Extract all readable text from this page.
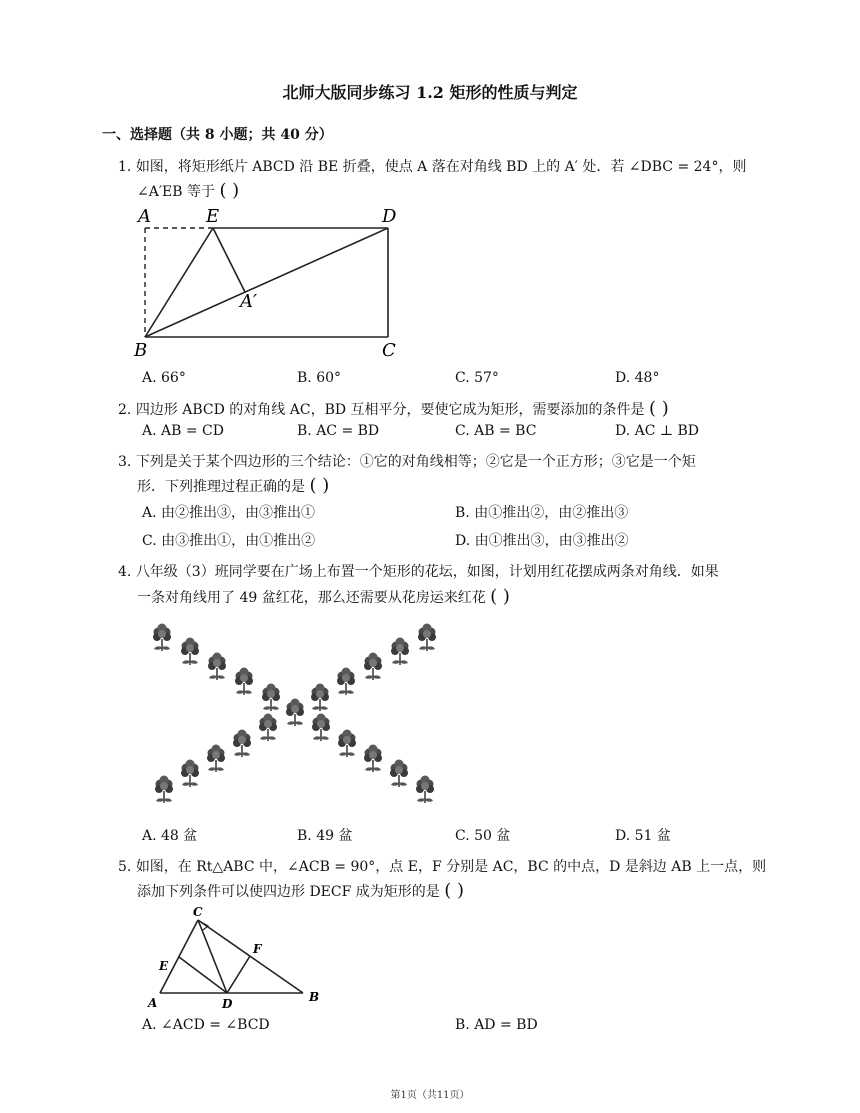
北师大版同步练习 1.2 矩形的性质与判定
一、选择题（共 8 小题；共 40 分）
1. 如图，将矩形纸片 ABCD 沿 BE 折叠，使点 A 落在对角线 BD 上的 A′ 处．若 ∠DBC = 24°，则
∠A′EB 等于 ( )
A	E	D
B	C
A′
A. 66°	B. 60°	C. 57°	D. 48°
2. 四边形 ABCD 的对角线 AC，BD 互相平分，要使它成为矩形，需要添加的条件是 ( )
A. AB = CD	B. AC = BD	C. AB = BC	D. AC ⊥ BD
3. 下列是关于某个四边形的三个结论：①它的对角线相等；②它是一个正方形；③它是一个矩
形．下列推理过程正确的是 ( )
A. 由②推出③，由③推出①	B. 由①推出②，由②推出③
C. 由③推出①，由①推出②	D. 由①推出③，由③推出②
4. 八年级（3）班同学要在广场上布置一个矩形的花坛，如图，计划用红花摆成两条对角线．如果
一条对角线用了 49 盆红花，那么还需要从花房运来红花 ( )
A. 48 盆	B. 49 盆	C. 50 盆	D. 51 盆
5. 如图，在 Rt△ABC 中，∠ACB = 90°，点 E，F 分别是 AC，BC 的中点，D 是斜边 AB 上一点，则
添加下列条件可以使四边形 DECF 成为矩形的是 ( )
C
E
F
A	D	B
A. ∠ACD = ∠BCD	B. AD = BD
第1页（共11页）
